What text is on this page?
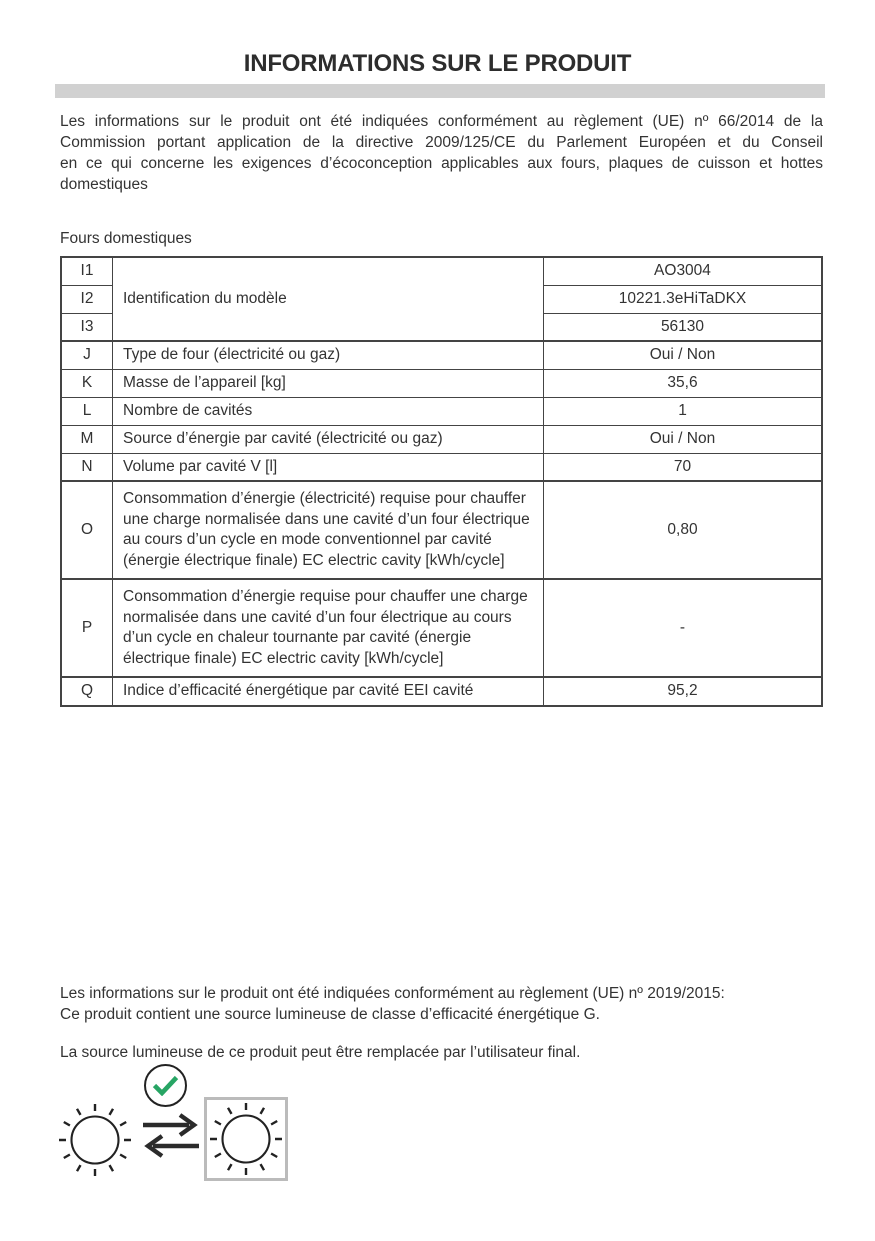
INFORMATIONS SUR LE PRODUIT
Les informations sur le produit ont été indiquées conformément au règlement (UE) nº 66/2014 de la
Commission portant application de la directive 2009/125/CE du Parlement Européen et du Conseil
en ce qui concerne les exigences d’écoconception applicables aux fours, plaques de cuisson et hottes
domestiques
Fours domestiques
I1	Identification du modèle	AO3004
I2		10221.3eHiTaDKX
I3		56130
J	Type de four (électricité ou gaz)	Oui / Non
K	Masse de l’appareil [kg]	35,6
L	Nombre de cavités	1
M	Source d’énergie par cavité (électricité ou gaz)	Oui / Non
N	Volume par cavité V [l]	70
O	Consommation d’énergie (électricité) requise pour chauffer une charge normalisée dans une cavité d’un four électrique au cours d’un cycle en mode conventionnel par cavité (énergie électrique finale) EC electric cavity [kWh/cycle]	0,80
P	Consommation d’énergie requise pour chauffer une charge normalisée dans une cavité d’un four électrique au cours d’un cycle en chaleur tournante par cavité (énergie électrique finale) EC electric cavity [kWh/cycle]	-
Q	Indice d’efficacité énergétique par cavité EEI cavité	95,2
Les informations sur le produit ont été indiquées conformément au règlement (UE) nº 2019/2015:
Ce produit contient une source lumineuse de classe d’efficacité énergétique G.
La source lumineuse de ce produit peut être remplacée par l’utilisateur final.
